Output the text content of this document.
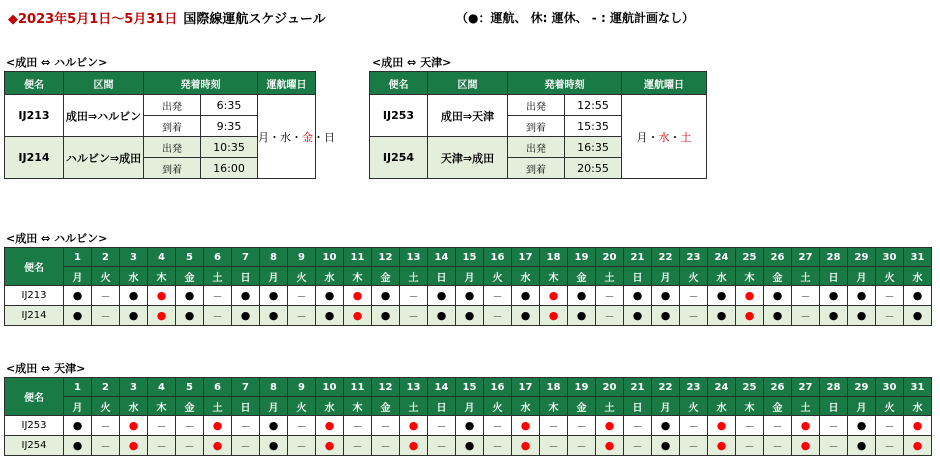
◆2023年5月1日～5月31日 国際線運航スケジュール	（●：運航、 休: 運休、 - : 運航計画なし）
<成田 ⇔ ハルビン>	<成田 ⇔ 天津>
便名	区間	発着時刻		運航曜日
IJ213	成田⇒ハルビン	出発	6:35	月・水・金・日
		到着	9:35	
IJ214	ハルビン⇒成田	出発	10:35	
		到着	16:00	
便名	区間	発着時刻		運航曜日
IJ253	成田⇒天津	出発	12:55	月・水・土
		到着	15:35	
IJ254	天津⇒成田	出発	16:35	
		到着	20:55	
<成田 ⇔ ハルビン>
便名	1	2	3	4	5	6	7	8	9	10	11	12	13	14	15	16	17	18	19	20	21	22	23	24	25	26	27	28	29	30	31
	月	火	水	木	金	土	日	月	火	水	木	金	土	日	月	火	水	木	金	土	日	月	火	水	木	金	土	日	月	火	水
IJ213	●	－	●	●	●	－	●	●	－	●	●	●	－	●	●	－	●	●	●	－	●	●	－	●	●	●	－	●	●	－	●
IJ214	●	－	●	●	●	－	●	●	－	●	●	●	－	●	●	－	●	●	●	－	●	●	－	●	●	●	－	●	●	－	●
<成田 ⇔ 天津>
便名	1	2	3	4	5	6	7	8	9	10	11	12	13	14	15	16	17	18	19	20	21	22	23	24	25	26	27	28	29	30	31
	月	火	水	木	金	土	日	月	火	水	木	金	土	日	月	火	水	木	金	土	日	月	火	水	木	金	土	日	月	火	水
IJ253	●	－	●	－	－	●	－	●	－	●	－	－	●	－	●	－	●	－	－	●	－	●	－	●	－	－	●	－	●	－	●
IJ254	●	－	●	－	－	●	－	●	－	●	－	－	●	－	●	－	●	－	－	●	－	●	－	●	－	－	●	－	●	－	●
